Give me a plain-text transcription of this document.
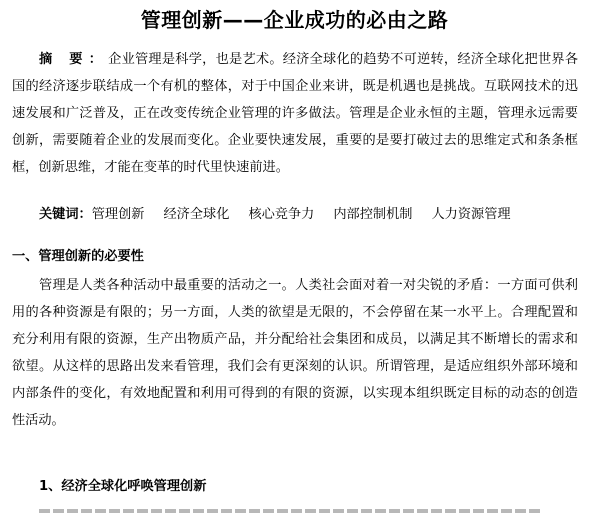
管理创新——企业成功的必由之路

摘 要：企业管理是科学，也是艺术。经济全球化的趋势不可逆转，经济全球化把世界各国的经济逐步联结成一个有机的整体，对于中国企业来讲，既是机遇也是挑战。互联网技术的迅速发展和广泛普及，正在改变传统企业管理的许多做法。管理是企业永恒的主题，管理永远需要创新，需要随着企业的发展而变化。企业要快速发展，重要的是要打破过去的思维定式和条条框框，创新思维，才能在变革的时代里快速前进。

关键词：管理创新 经济全球化 核心竞争力 内部控制机制 人力资源管理
一、管理创新的必要性

管理是人类各种活动中最重要的活动之一。人类社会面对着一对尖锐的矛盾：一方面可供利用的各种资源是有限的；另一方面，人类的欲望是无限的，不会停留在某一水平上。合理配置和充分利用有限的资源，生产出物质产品，并分配给社会集团和成员，以满足其不断增长的需求和欲望。从这样的思路出发来看管理，我们会有更深刻的认识。所谓管理，是适应组织外部环境和内部条件的变化，有效地配置和利用可得到的有限的资源，以实现本组织既定目标的动态的创造性活动。

1、经济全球化呼唤管理创新
